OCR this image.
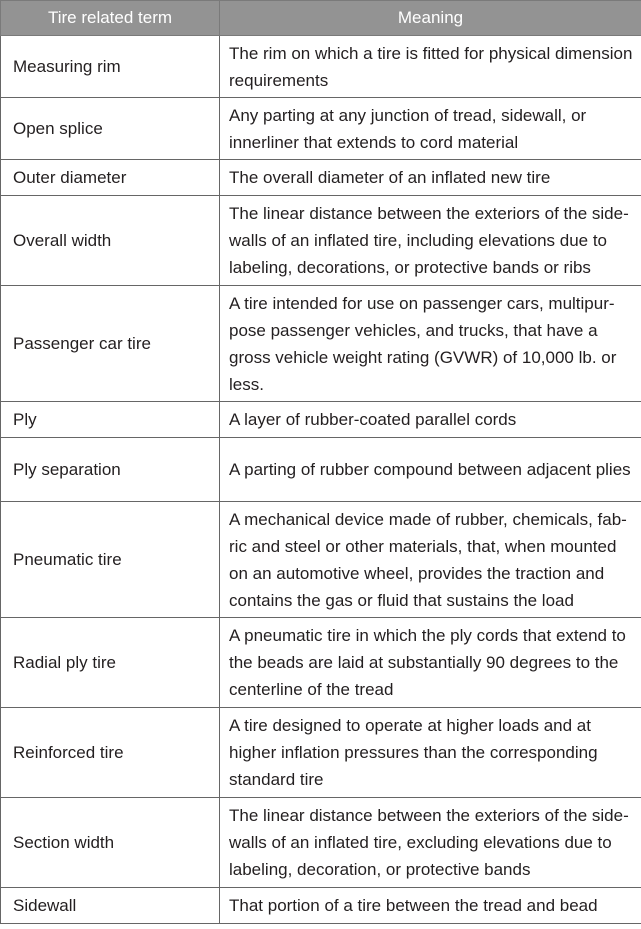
Tire related term	Meaning
Measuring rim	The rim on which a tire is fitted for physical dimension requirements
Open splice	Any parting at any junction of tread, sidewall, or innerliner that extends to cord material
Outer diameter	The overall diameter of an inflated new tire
Overall width	The linear distance between the exteriors of the side-walls of an inflated tire, including elevations due to labeling, decorations, or protective bands or ribs
Passenger car tire	A tire intended for use on passenger cars, multipur-pose passenger vehicles, and trucks, that have a gross vehicle weight rating (GVWR) of 10,000 lb. or less.
Ply	A layer of rubber-coated parallel cords
Ply separation	A parting of rubber compound between adjacent plies
Pneumatic tire	A mechanical device made of rubber, chemicals, fab-ric and steel or other materials, that, when mounted on an automotive wheel, provides the traction and contains the gas or fluid that sustains the load
Radial ply tire	A pneumatic tire in which the ply cords that extend to the beads are laid at substantially 90 degrees to the centerline of the tread
Reinforced tire	A tire designed to operate at higher loads and at higher inflation pressures than the corresponding standard tire
Section width	The linear distance between the exteriors of the side-walls of an inflated tire, excluding elevations due to labeling, decoration, or protective bands
Sidewall	That portion of a tire between the tread and bead
